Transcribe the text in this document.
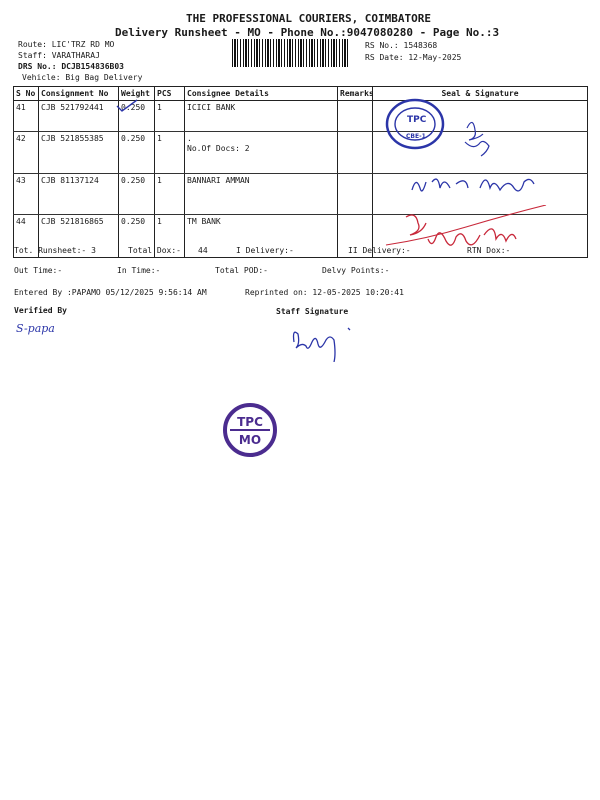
THE PROFESSIONAL COURIERS, COIMBATORE
Delivery Runsheet - MO - Phone No.:9047080280 - Page No.:3
Route: LIC'TRZ RD MO
Staff: VARATHARAJ
DRS No.: DCJB154836B03
Vehicle: Big Bag Delivery
RS No.: 1548368
RS Date: 12-May-2025
S No	Consignment No	Weight	PCS	Consignee Details	Remarks	Seal & Signature
41	CJB 521792441	0.250	1	ICICI BANK		
42	CJB 521855385	0.250	1	.
No.Of Docs: 2		

43	CJB 81137124	0.250	1	BANNARI AMMAN		
44	CJB 521816865	0.250	1	TM BANK		
TPC
CBE-1
Tot. Runsheet:- 3	Total Dox:- 44	I Delivery:-	II Delivery:-	RTN Dox:-
Out Time:-	In Time:-	Total POD:-	Delvy Points:-
Entered By :PAPAMO 05/12/2025 9:56:14 AM	Reprinted on: 12-05-2025 10:20:41
Verified By	Staff Signature
S-papa
TPC
MO
